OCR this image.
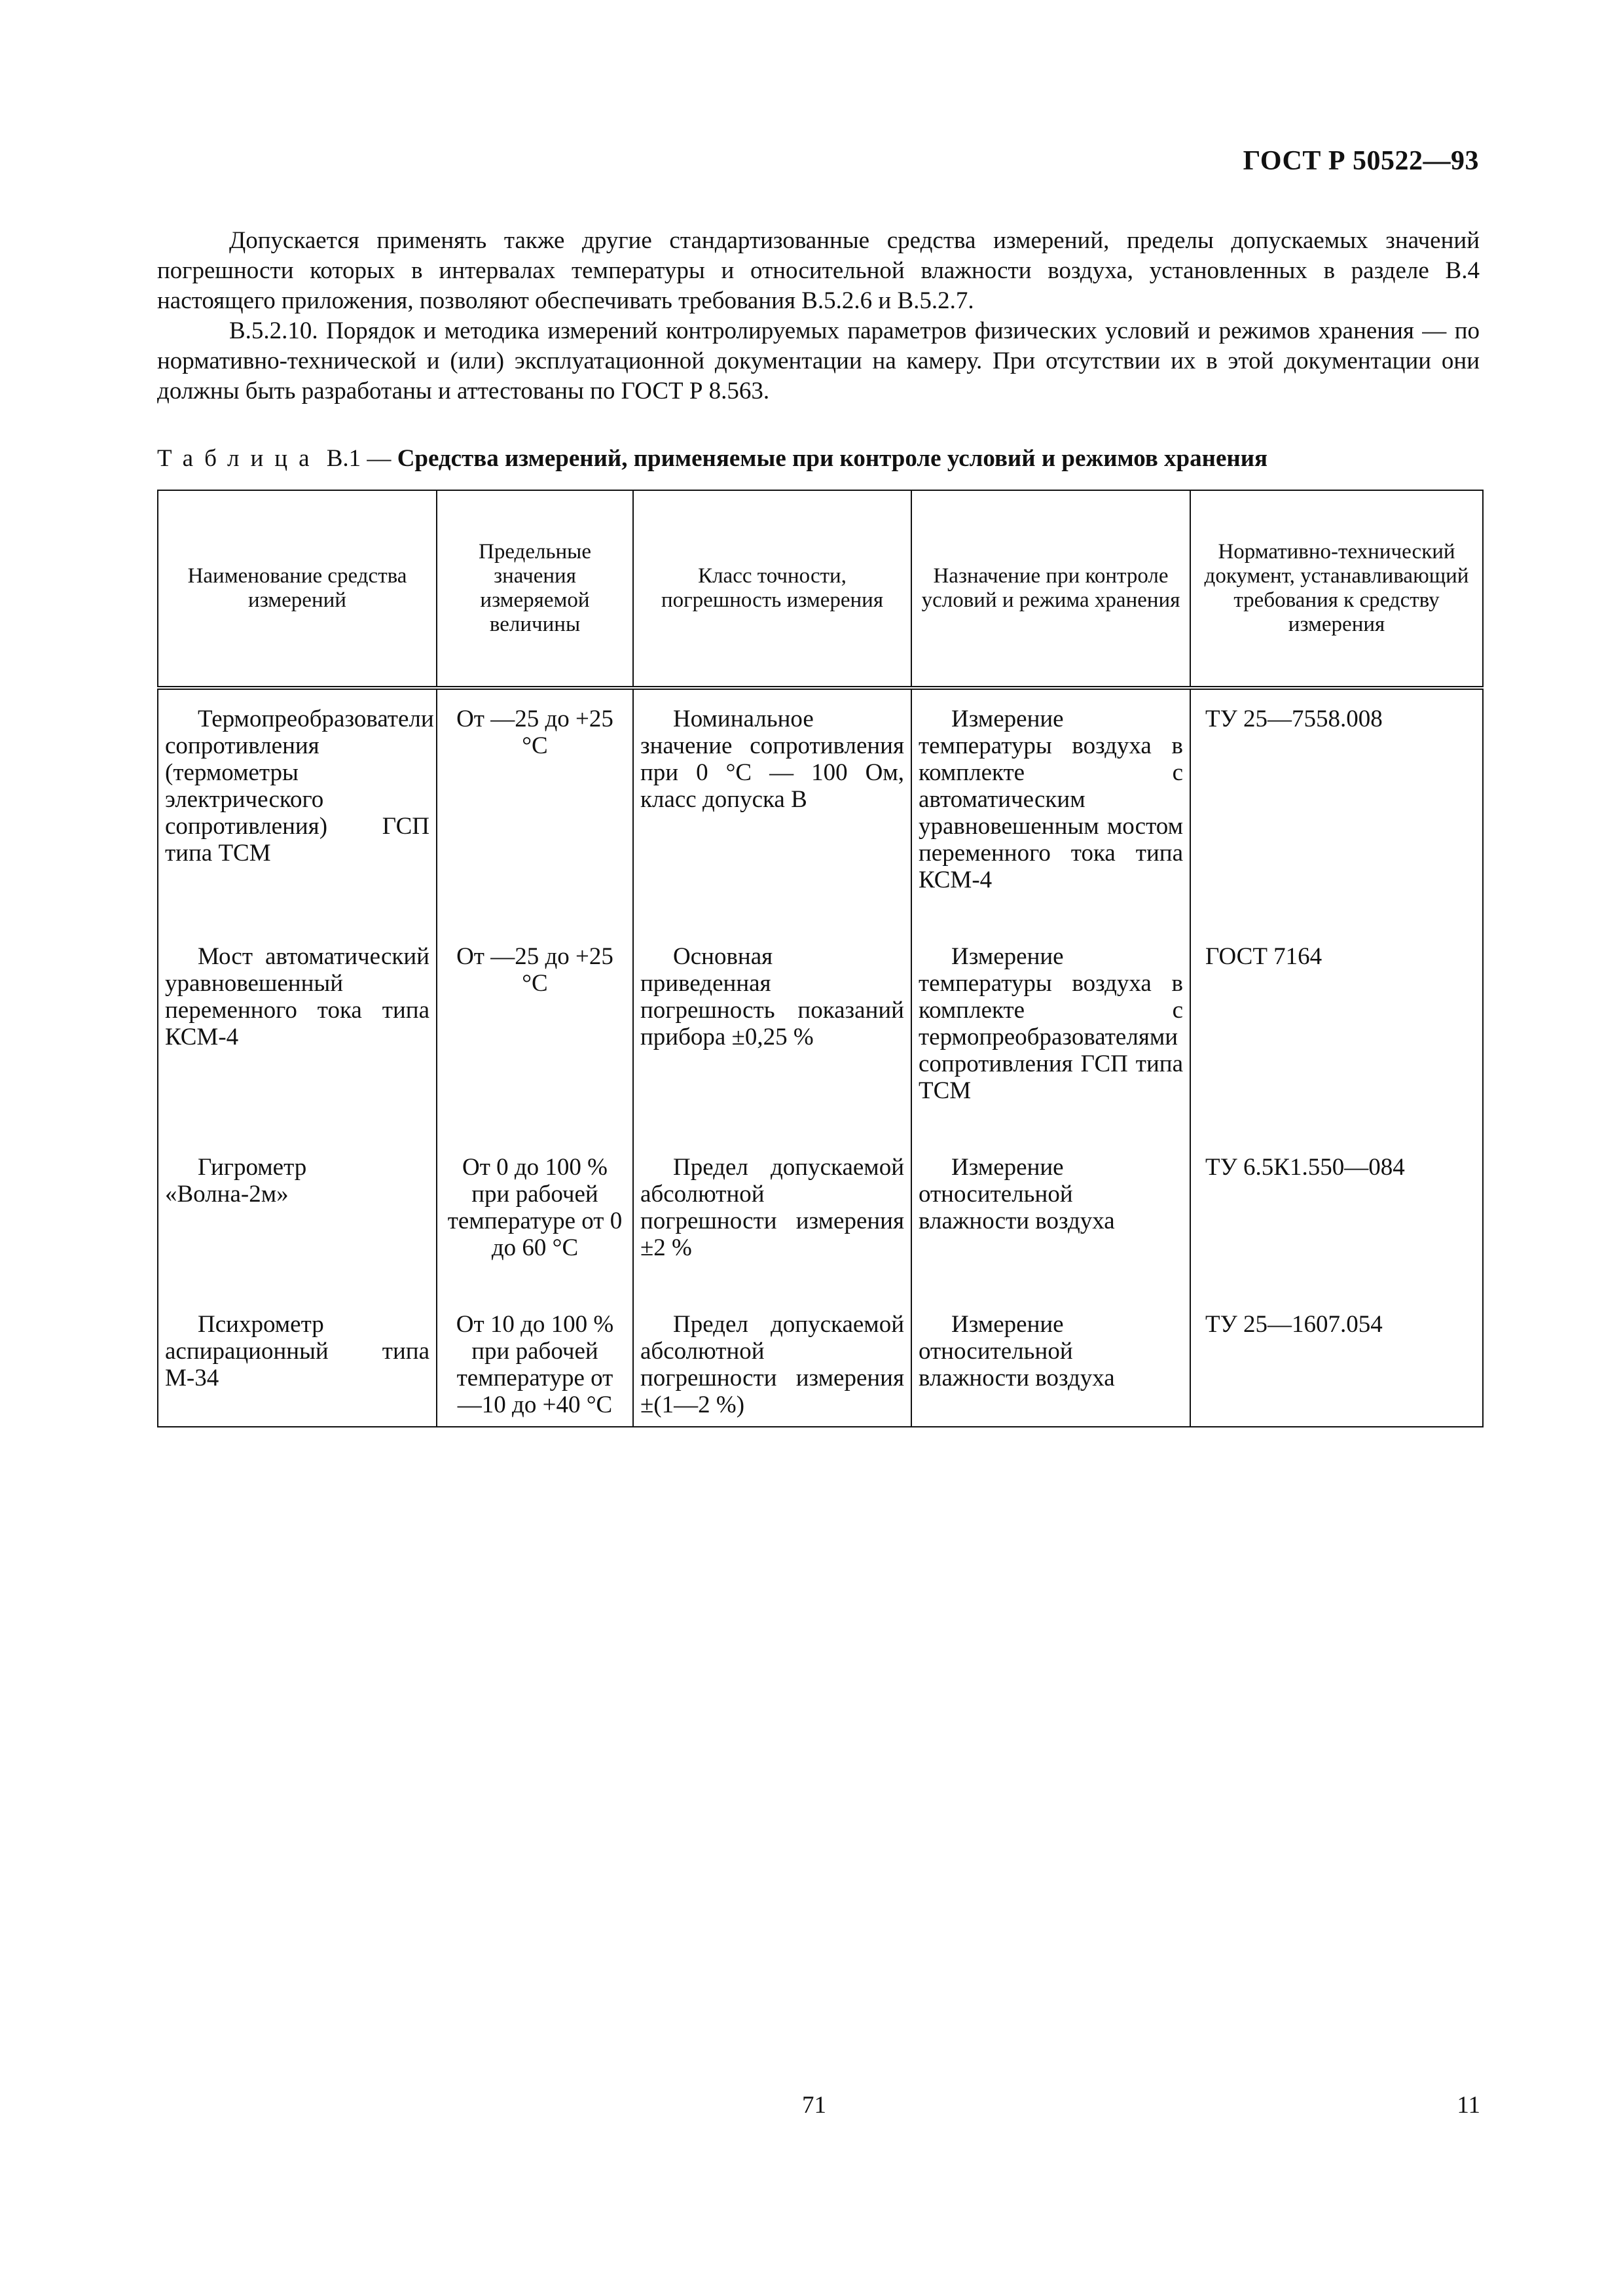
ГОСТ Р 50522—93

Допускается применять также другие стандартизованные средства измерений, пределы допускаемых значений погрешности которых в интервалах температуры и относительной влажности воздуха, установленных в разделе В.4 настоящего приложения, позволяют обеспечивать требования В.5.2.6 и В.5.2.7.

В.5.2.10. Порядок и методика измерений контролируемых параметров физических условий и режимов хранения — по нормативно-технической и (или) эксплуатационной документации на камеру. При отсутствии их в этой документации они должны быть разработаны и аттестованы по ГОСТ Р 8.563.

Таблица В.1 — Средства измерений, применяемые при контроле условий и режимов хранения
Наименование средства измерений	Предельные значения измеряемой величины	Класс точности, погрешность измерения	Назначение при контроле условий и режима хранения	Нормативно-технический документ, устанавливающий требования к средству измерения
Термопреобразователи сопротивления (термометры электрического сопротивления) ГСП типа ТСМ	От —25 до +25 °С	Номинальное значение сопротивления при 0 °С — 100 Ом, класс допуска В	Измерение температуры воздуха в комплекте с автоматическим уравновешенным мостом переменного тока типа КСМ-4	ТУ 25—7558.008
Мост автоматический уравновешенный переменного тока типа КСМ-4	От —25 до +25 °С	Основная приведенная погрешность показаний прибора ±0,25 %	Измерение температуры воздуха в комплекте с термопреобразователями сопротивления ГСП типа ТСМ	ГОСТ 7164
Гигрометр «Волна-2м»	От 0 до 100 % при рабочей температуре от 0 до 60 °С	Предел допускаемой абсолютной погрешности измерения ±2 %	Измерение относительной влажности воздуха	ТУ 6.5К1.550—084
Психрометр аспирационный типа М-34	От 10 до 100 % при рабочей температуре от —10 до +40 °С	Предел допускаемой абсолютной погрешности измерения ±(1—2 %)	Измерение относительной влажности воздуха	ТУ 25—1607.054
71	11
